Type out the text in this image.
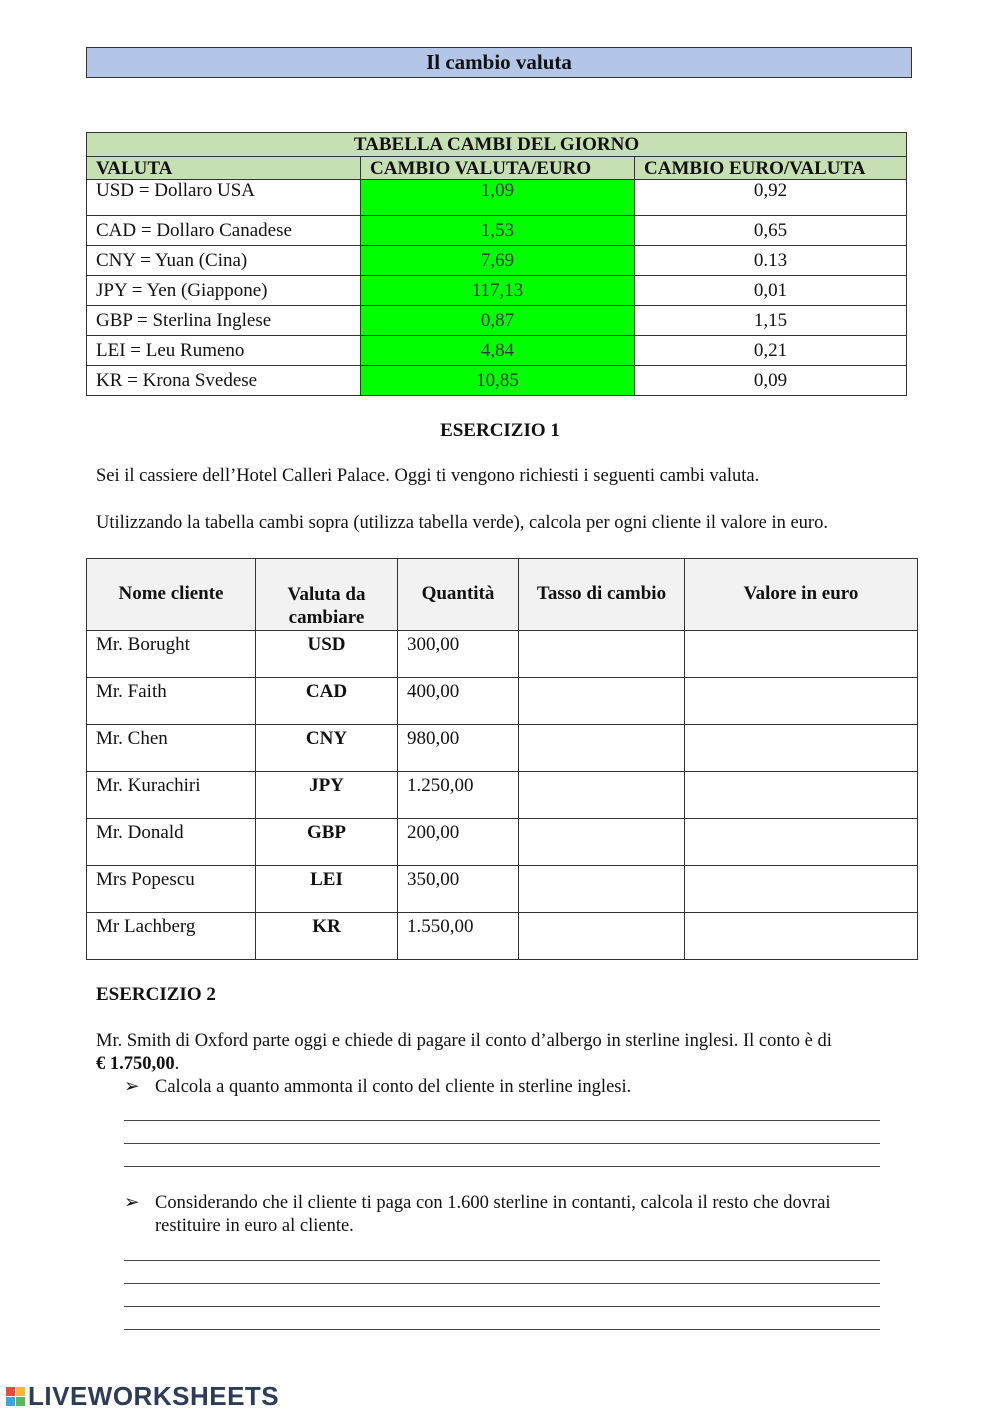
Il cambio valuta
TABELLA CAMBI DEL GIORNO		
VALUTA	CAMBIO VALUTA/EURO	CAMBIO EURO/VALUTA
USD = Dollaro USA	1,09	0,92
CAD = Dollaro Canadese	1,53	0,65
CNY = Yuan (Cina)	7,69	0.13
JPY = Yen (Giappone)	117,13	0,01
GBP = Sterlina Inglese	0,87	1,15
LEI = Leu Rumeno	4,84	0,21
KR = Krona Svedese	10,85	0,09
ESERCIZIO 1
Sei il cassiere dell’Hotel Calleri Palace. Oggi ti vengono richiesti i seguenti cambi valuta.
Utilizzando la tabella cambi sopra (utilizza tabella verde), calcola per ogni cliente il valore in euro.
Nome cliente	Valuta da
cambiare	Quantità	Tasso di cambio	Valore in euro
Mr. Borught	USD	300,00		
Mr. Faith	CAD	400,00		
Mr. Chen	CNY	980,00		
Mr. Kurachiri	JPY	1.250,00		
Mr. Donald	GBP	200,00		
Mrs Popescu	LEI	350,00		
Mr Lachberg	KR	1.550,00		
ESERCIZIO 2
Mr. Smith di Oxford parte oggi e chiede di pagare il conto d’albergo in sterline inglesi. Il conto è di
€ 1.750,00.
➢ Calcola a quanto ammonta il conto del cliente in sterline inglesi.
➢ Considerando che il cliente ti paga con 1.600 sterline in contanti, calcola il resto che dovrai
restituire in euro al cliente.
LIVEWORKSHEETS
